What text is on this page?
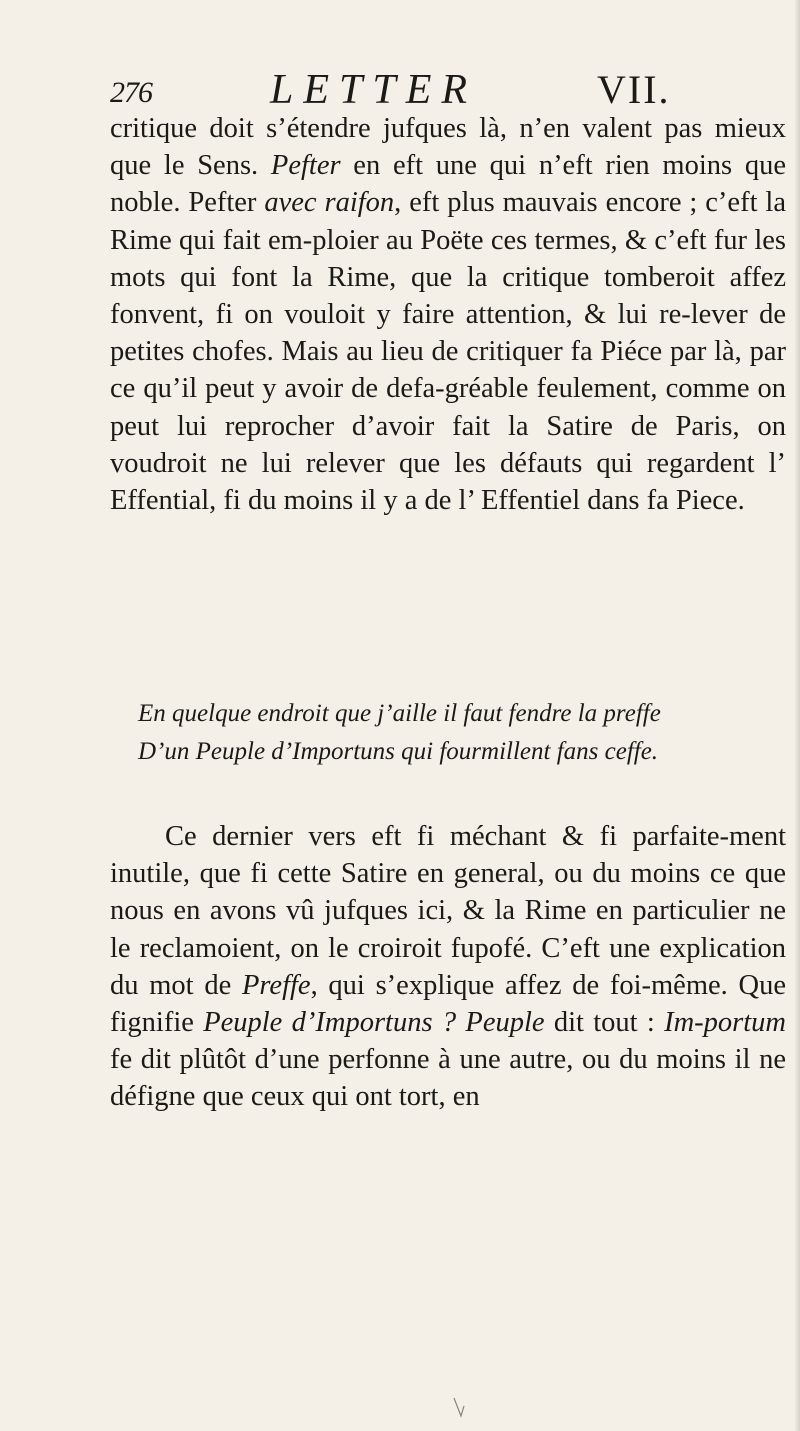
276	LETTER	VII.

critique doit s’étendre jufques là, n’en valent pas mieux que le Sens. Pefter en eft une qui n’eft rien moins que noble. Pefter avec raifon, eft plus mauvais encore ; c’eft la Rime qui fait em-ploier au Poëte ces termes, & c’eft fur les mots qui font la Rime, que la critique tomberoit affez fonvent, fi on vouloit y faire attention, & lui re-lever de petites chofes. Mais au lieu de critiquer fa Piéce par là, par ce qu’il peut y avoir de defa-gréable feulement, comme on peut lui reprocher d’avoir fait la Satire de Paris, on voudroit ne lui relever que les défauts qui regardent l’ Effential, fi du moins il y a de l’ Effentiel dans fa Piece.

En quelque endroit que j’aille il faut fendre la preffe
D’un Peuple d’Importuns qui fourmillent fans ceffe.

Ce dernier vers eft fi méchant & fi parfaite-ment inutile, que fi cette Satire en general, ou du moins ce que nous en avons vû jufques ici, & la Rime en particulier ne le reclamoient, on le croiroit fupofé. C’eft une explication du mot de Preffe, qui s’explique affez de foi-même. Que fignifie Peuple d’Importuns ? Peuple dit tout : Im-portum fe dit plûtôt d’une perfonne à une autre, ou du moins il ne défigne que ceux qui ont tort, en
